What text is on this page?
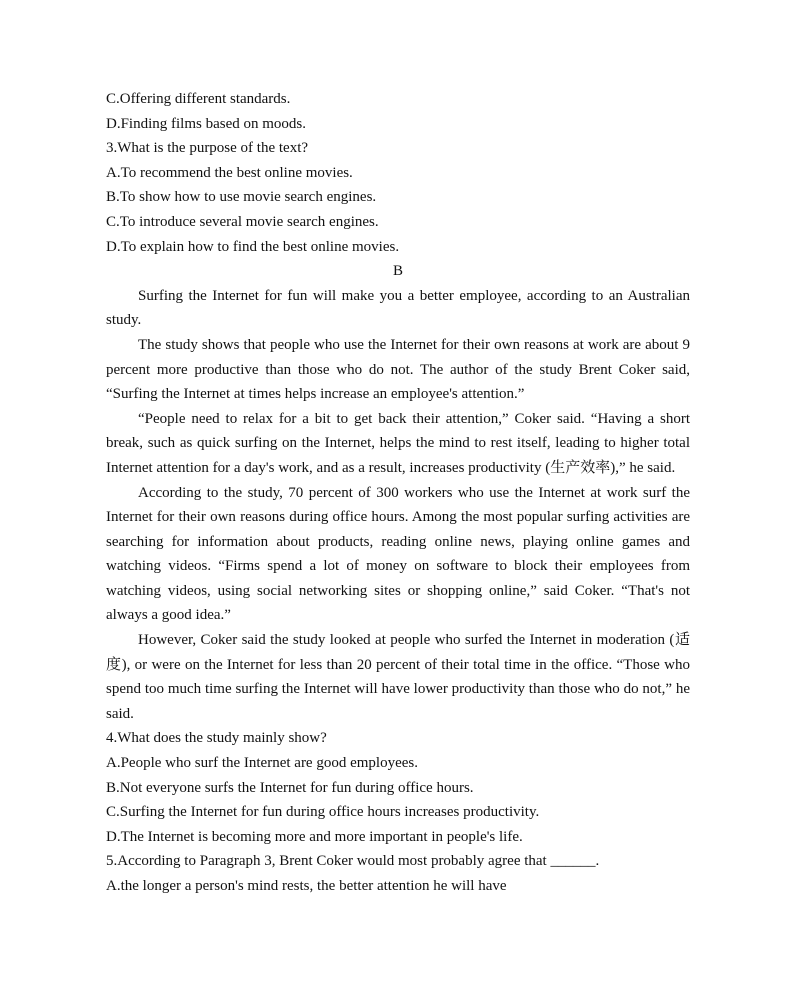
C.Offering different standards.
D.Finding films based on moods.
3.What is the purpose of the text?
A.To recommend the best online movies.
B.To show how to use movie search engines.
C.To introduce several movie search engines.
D.To explain how to find the best online movies.
B

Surfing the Internet for fun will make you a better employee, according to an Australian study.

The study shows that people who use the Internet for their own reasons at work are about 9 percent more productive than those who do not. The author of the study Brent Coker said, “Surfing the Internet at times helps increase an employee's attention.”

“People need to relax for a bit to get back their attention,” Coker said. “Having a short break, such as quick surfing on the Internet, helps the mind to rest itself, leading to higher total Internet attention for a day's work, and as a result, increases productivity (生产效率),” he said.

According to the study, 70 percent of 300 workers who use the Internet at work surf the Internet for their own reasons during office hours. Among the most popular surfing activities are searching for information about products, reading online news, playing online games and watching videos. “Firms spend a lot of money on software to block their employees from watching videos, using social networking sites or shopping online,” said Coker. “That's not always a good idea.”

However, Coker said the study looked at people who surfed the Internet in moderation (适度), or were on the Internet for less than 20 percent of their total time in the office. “Those who spend too much time surfing the Internet will have lower productivity than those who do not,” he said.

4.What does the study mainly show?
A.People who surf the Internet are good employees.
B.Not everyone surfs the Internet for fun during office hours.
C.Surfing the Internet for fun during office hours increases productivity.
D.The Internet is becoming more and more important in people's life.
5.According to Paragraph 3, Brent Coker would most probably agree that ______.
A.the longer a person's mind rests, the better attention he will have
